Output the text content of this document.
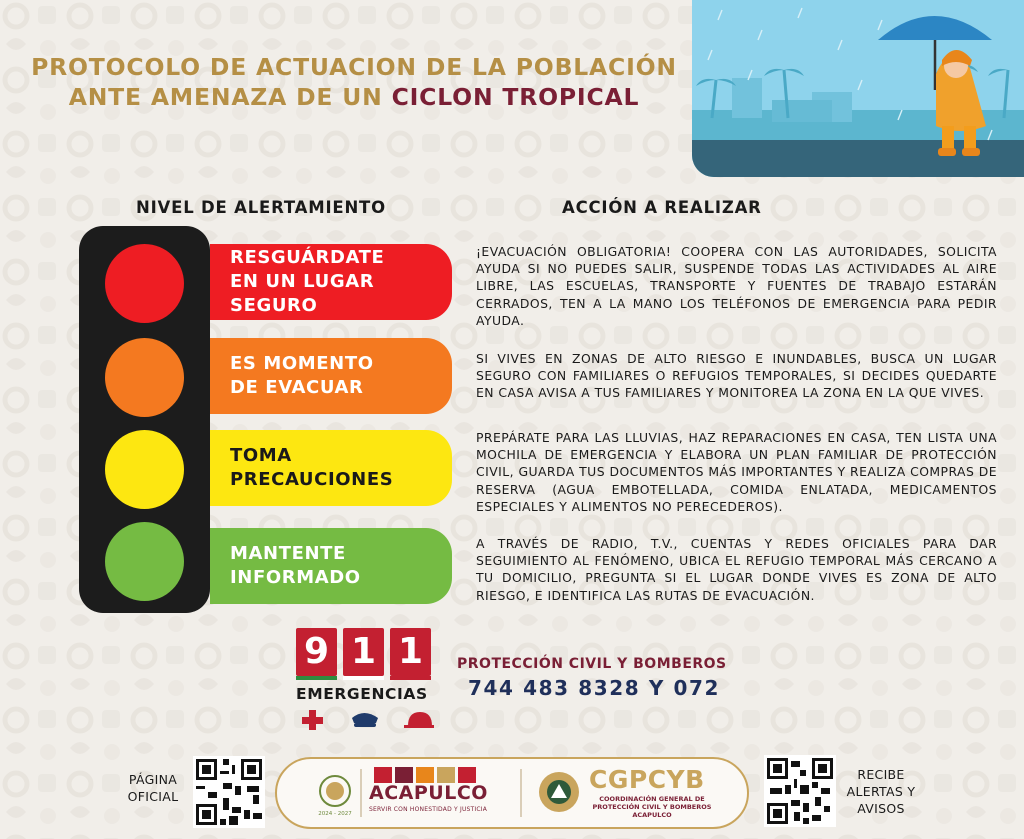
PROTOCOLO DE ACTUACION DE LA POBLACIÓN
ANTE AMENAZA DE UN CICLON TROPICAL
NIVEL DE ALERTAMIENTO	ACCIÓN A REALIZAR
RESGUÁRDATE EN UN LUGAR SEGURO
ES MOMENTO DE EVACUAR
TOMA PRECAUCIONES
MANTENTE INFORMADO
¡EVACUACIÓN OBLIGATORIA! COOPERA CON LAS AUTORIDADES, SOLICITA AYUDA SI NO PUEDES SALIR, SUSPENDE TODAS LAS ACTIVIDADES AL AIRE LIBRE, LAS ESCUELAS, TRANSPORTE Y FUENTES DE TRABAJO ESTARÁN CERRADOS, TEN A LA MANO LOS TELÉFONOS DE EMERGENCIA PARA PEDIR AYUDA.
SI VIVES EN ZONAS DE ALTO RIESGO E INUNDABLES, BUSCA UN LUGAR SEGURO CON FAMILIARES O REFUGIOS TEMPORALES, SI DECIDES QUEDARTE EN CASA AVISA A TUS FAMILIARES Y MONITOREA LA ZONA EN LA QUE VIVES.
PREPÁRATE PARA LAS LLUVIAS, HAZ REPARACIONES EN CASA, TEN LISTA UNA MOCHILA DE EMERGENCIA Y ELABORA UN PLAN FAMILIAR DE PROTECCIÓN CIVIL, GUARDA TUS DOCUMENTOS MÁS IMPORTANTES Y REALIZA COMPRAS DE RESERVA (AGUA EMBOTELLADA, COMIDA ENLATADA, MEDICAMENTOS ESPECIALES Y ALIMENTOS NO PERECEDEROS).
A TRAVÉS DE RADIO, T.V., CUENTAS Y REDES OFICIALES PARA DAR SEGUIMIENTO AL FENÓMENO, UBICA EL REFUGIO TEMPORAL MÁS CERCANO A TU DOMICILIO, PREGUNTA SI EL LUGAR DONDE VIVES ES ZONA DE ALTO RIESGO, E IDENTIFICA LAS RUTAS DE EVACUACIÓN.
9 1 1
EMERGENCIAS
PROTECCIÓN CIVIL Y BOMBEROS
744 483 8328 Y 072
PÁGINA OFICIAL
2024 - 2027
ACAPULCO
SERVIR CON HONESTIDAD Y JUSTICIA
CGPCYB
COORDINACIÓN GENERAL DE
PROTECCIÓN CIVIL Y BOMBEROS
ACAPULCO
RECIBE ALERTAS Y AVISOS
